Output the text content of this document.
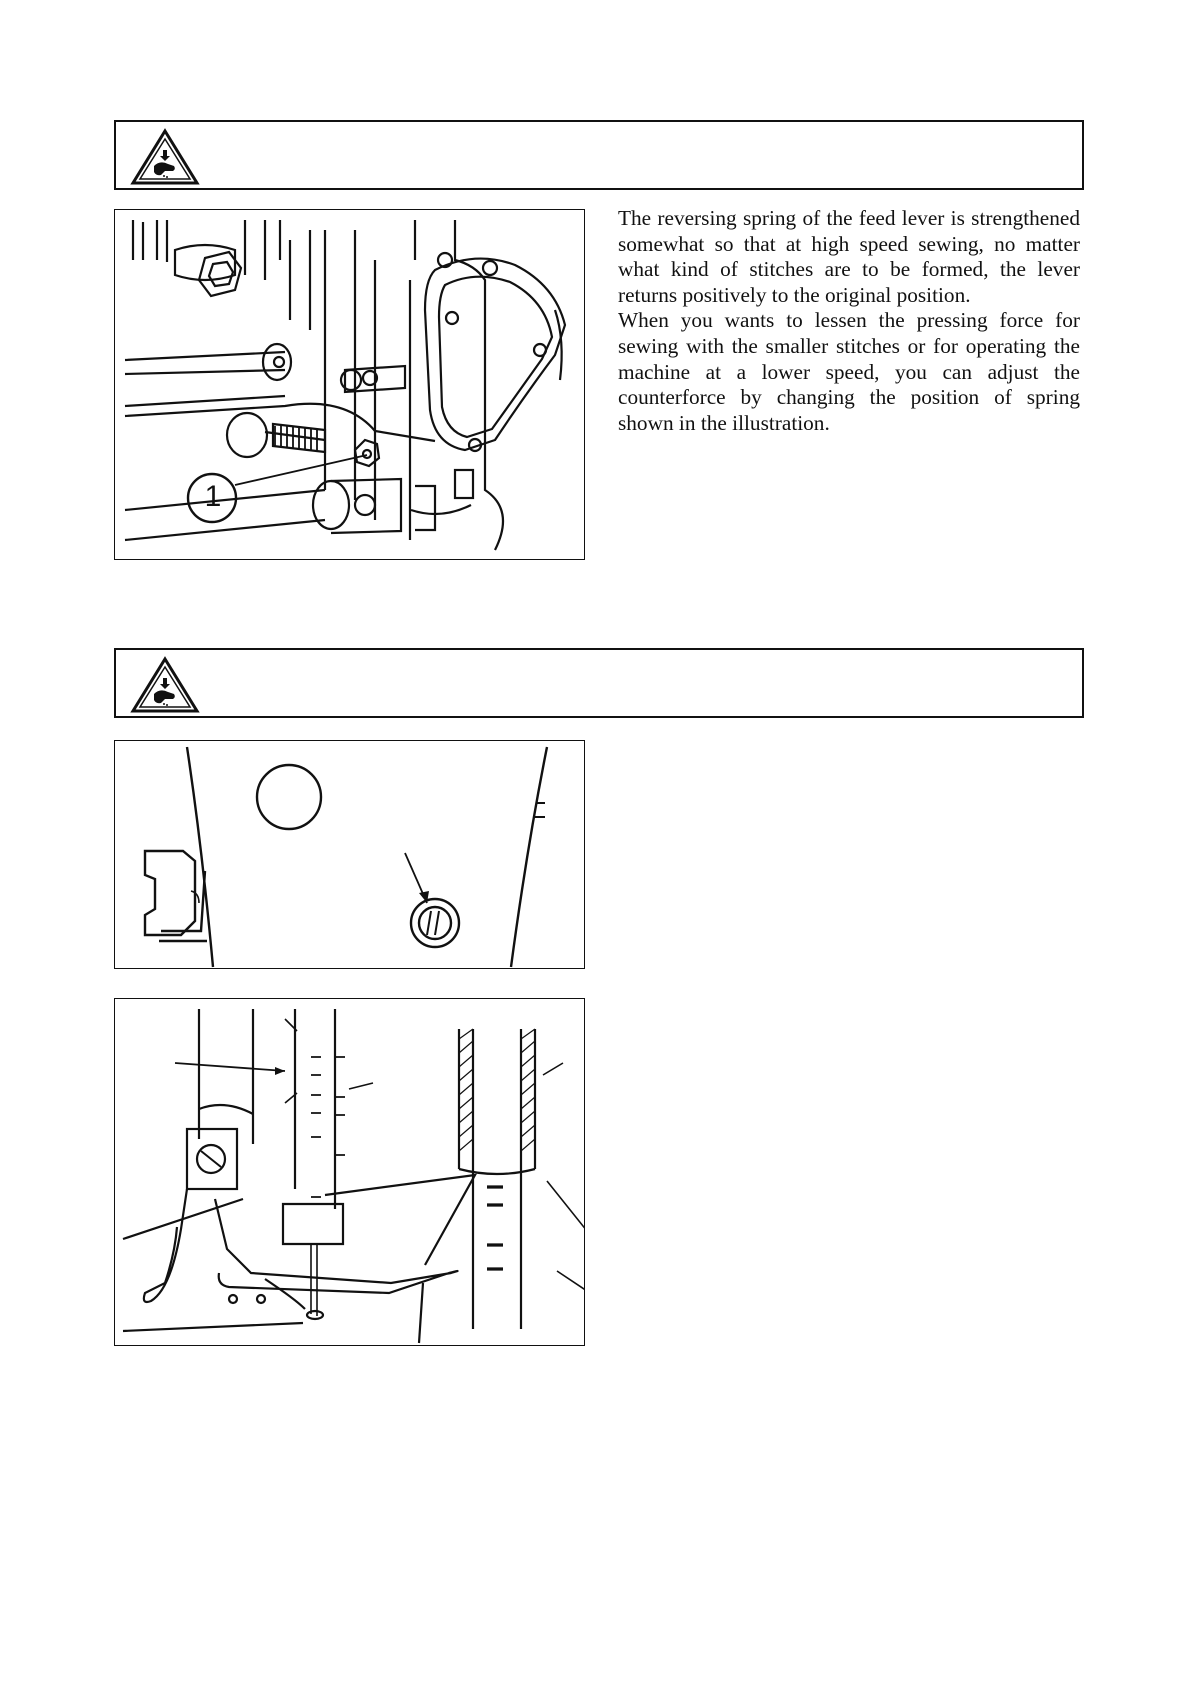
1

The reversing spring of the feed lever is strengthened somewhat so that at high speed sewing, no matter what kind of stitches are to be formed, the lever returns positively to the original position.

When you wants to lessen the pressing force for sewing with the smaller stitches or for operating the machine at a lower speed, you can adjust the counterforce by changing the position of spring shown in the illustration.
